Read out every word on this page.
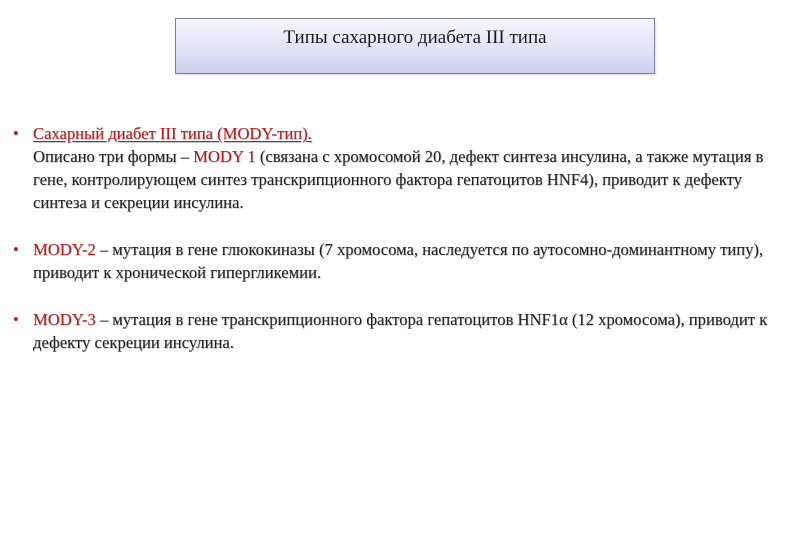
Типы сахарного диабета III типа
• Сахарный диабет III типа (MODY-тип).
Описано три формы – MODY 1 (связана с хромосомой 20, дефект синтеза инсулина, а также мутация в гене, контролирующем синтез транскрипционного фактора гепатоцитов HNF4), приводит к дефекту синтеза и секреции инсулина.
• MODY-2 – мутация в гене глюкокиназы (7 хромосома, наследуется по аутосомно-доминантному типу), приводит к хронической гипергликемии.
• MODY-3 – мутация в гене транскрипционного фактора гепатоцитов HNF1α (12 хромосома), приводит к дефекту секреции инсулина.
